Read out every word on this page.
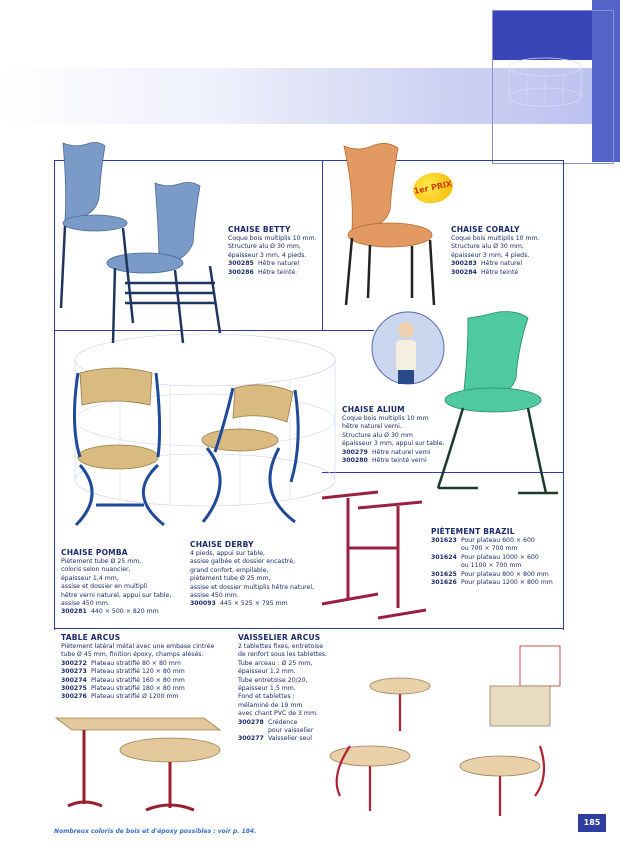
1er PRIX
CHAISE BETTY
Coque bois multiplis 10 mm.
Structure alu Ø 30 mm,
épaisseur 3 mm, 4 pieds.
300285 Hêtre naturel
300286 Hêtre teinté.
CHAISE CORALY
Coque bois multiplis 10 mm.
Structure alu Ø 30 mm,
épaisseur 3 mm, 4 pieds.
300283 Hêtre naturel
300284 Hêtre teinté
CHAISE ALIUM
Coque bois multiplis 10 mm
hêtre naturel verni.
Structure alu Ø 30 mm
épaisseur 3 mm, appui sur table.
300279 Hêtre naturel verni
300280 Hêtre teinté verni
PIÈTEMENT BRAZIL
301623 Pour plateau 600 × 600
ou 700 × 700 mm
301624 Pour plateau 1000 × 600
ou 1100 × 700 mm
301625 Pour plateau 800 × 800 mm
301626 Pour plateau 1200 × 800 mm
CHAISE POMBA
Piètement tube Ø 25 mm,
coloris selon nuancier,
épaisseur 1,4 mm,
assise et dossier en multipli
hêtre verni naturel, appui sur table,
assise 450 mm.
300281 440 × 500 × 820 mm
CHAISE DERBY
4 pieds, appui sur table,
assise galbée et dossier encastré,
grand confort, empilable,
piètement tube Ø 25 mm,
assise et dossier multiplis hêtre naturel,
assise 450 mm.
300093 445 × 525 × 795 mm
TABLE ARCUS
Piètement latéral métal avec une embase cintrée
tube Ø 45 mm, finition époxy, champs alésés.
300272 Plateau stratifié 80 × 80 mm
300273 Plateau stratifié 120 × 80 mm
300274 Plateau stratifié 160 × 80 mm
300275 Plateau stratifié 180 × 80 mm
300276 Plateau stratifié Ø 1200 mm
VAISSELIER ARCUS
2 tablettes fixes, entretoise
de renfort sous les tablettes.
Tube arceau : Ø 25 mm,
épaisseur 1,2 mm.
Tube entretoise 20/20,
épaisseur 1,5 mm.
Fond et tablettes :
mélaminé de 19 mm
avec chant PVC de 3 mm.
300278 Crédence
pour vaisselier
300277 Vaisselier seul
Nombreux coloris de bois et d'époxy possibles : voir p. 184.
185
